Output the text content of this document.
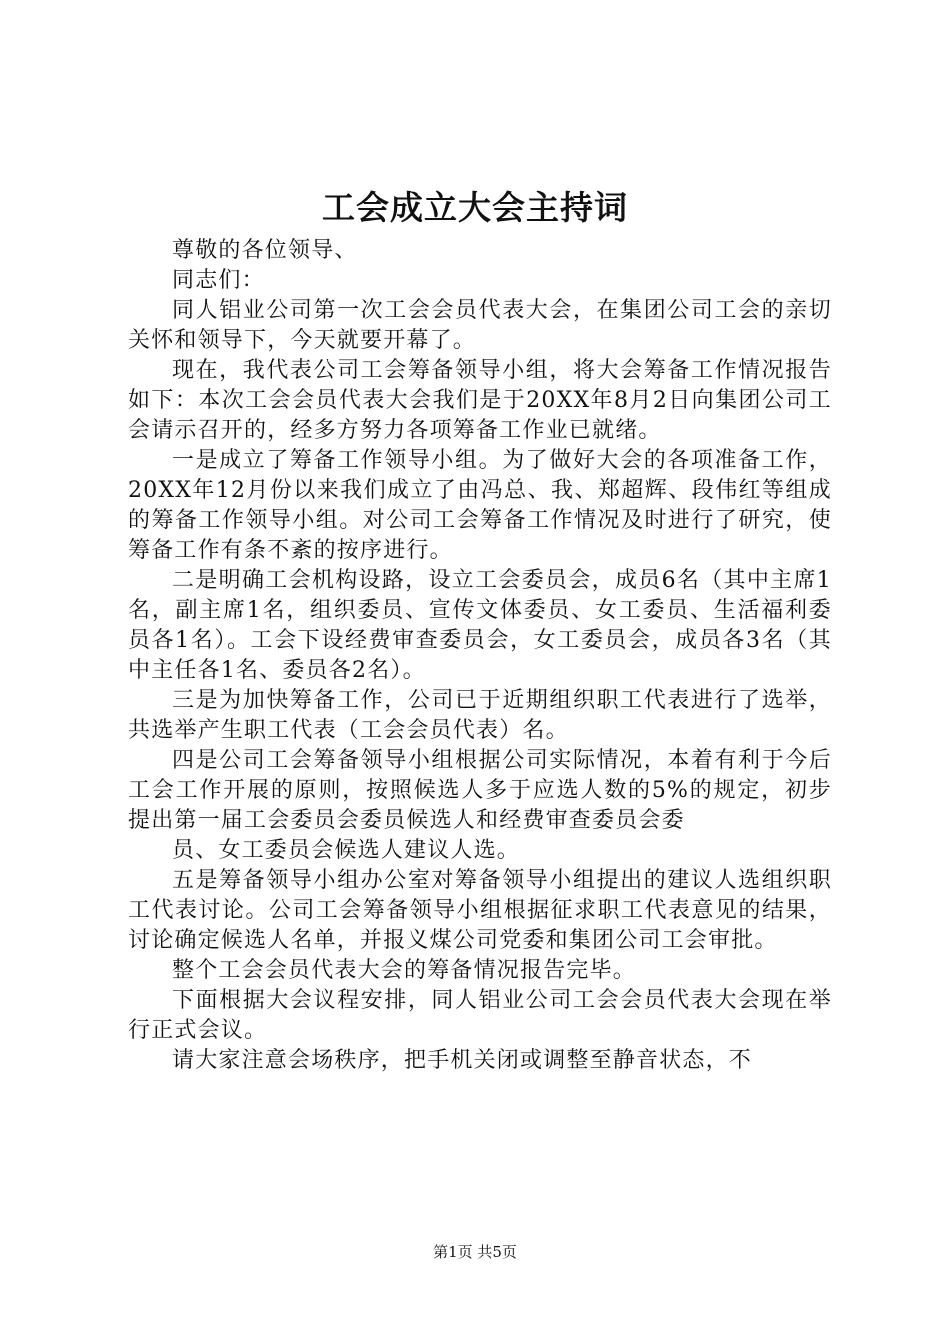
工会成立大会主持词

尊敬的各位领导、

同志们：

同人铝业公司第一次工会会员代表大会，在集团公司工会的亲切关怀和领导下，今天就要开幕了。

现在，我代表公司工会筹备领导小组，将大会筹备工作情况报告如下：本次工会会员代表大会我们是于20XX年8月2日向集团公司工会请示召开的，经多方努力各项筹备工作业已就绪。

一是成立了筹备工作领导小组。为了做好大会的各项准备工作，20XX年12月份以来我们成立了由冯总、我、郑超辉、段伟红等组成的筹备工作领导小组。对公司工会筹备工作情况及时进行了研究，使筹备工作有条不紊的按序进行。

二是明确工会机构设路，设立工会委员会，成员6名（其中主席1名，副主席1名，组织委员、宣传文体委员、女工委员、生活福利委员各1名）。工会下设经费审查委员会，女工委员会，成员各3名（其中主任各1名、委员各2名）。

三是为加快筹备工作，公司已于近期组织职工代表进行了选举，共选举产生职工代表（工会会员代表）名。

四是公司工会筹备领导小组根据公司实际情况，本着有利于今后工会工作开展的原则，按照候选人多于应选人数的5%的规定，初步提出第一届工会委员会委员候选人和经费审查委员会委

员、女工委员会候选人建议人选。

五是筹备领导小组办公室对筹备领导小组提出的建议人选组织职工代表讨论。公司工会筹备领导小组根据征求职工代表意见的结果，讨论确定候选人名单，并报义煤公司党委和集团公司工会审批。

整个工会会员代表大会的筹备情况报告完毕。

下面根据大会议程安排，同人铝业公司工会会员代表大会现在举行正式会议。

请大家注意会场秩序，把手机关闭或调整至静音状态，不

第1页 共5页
